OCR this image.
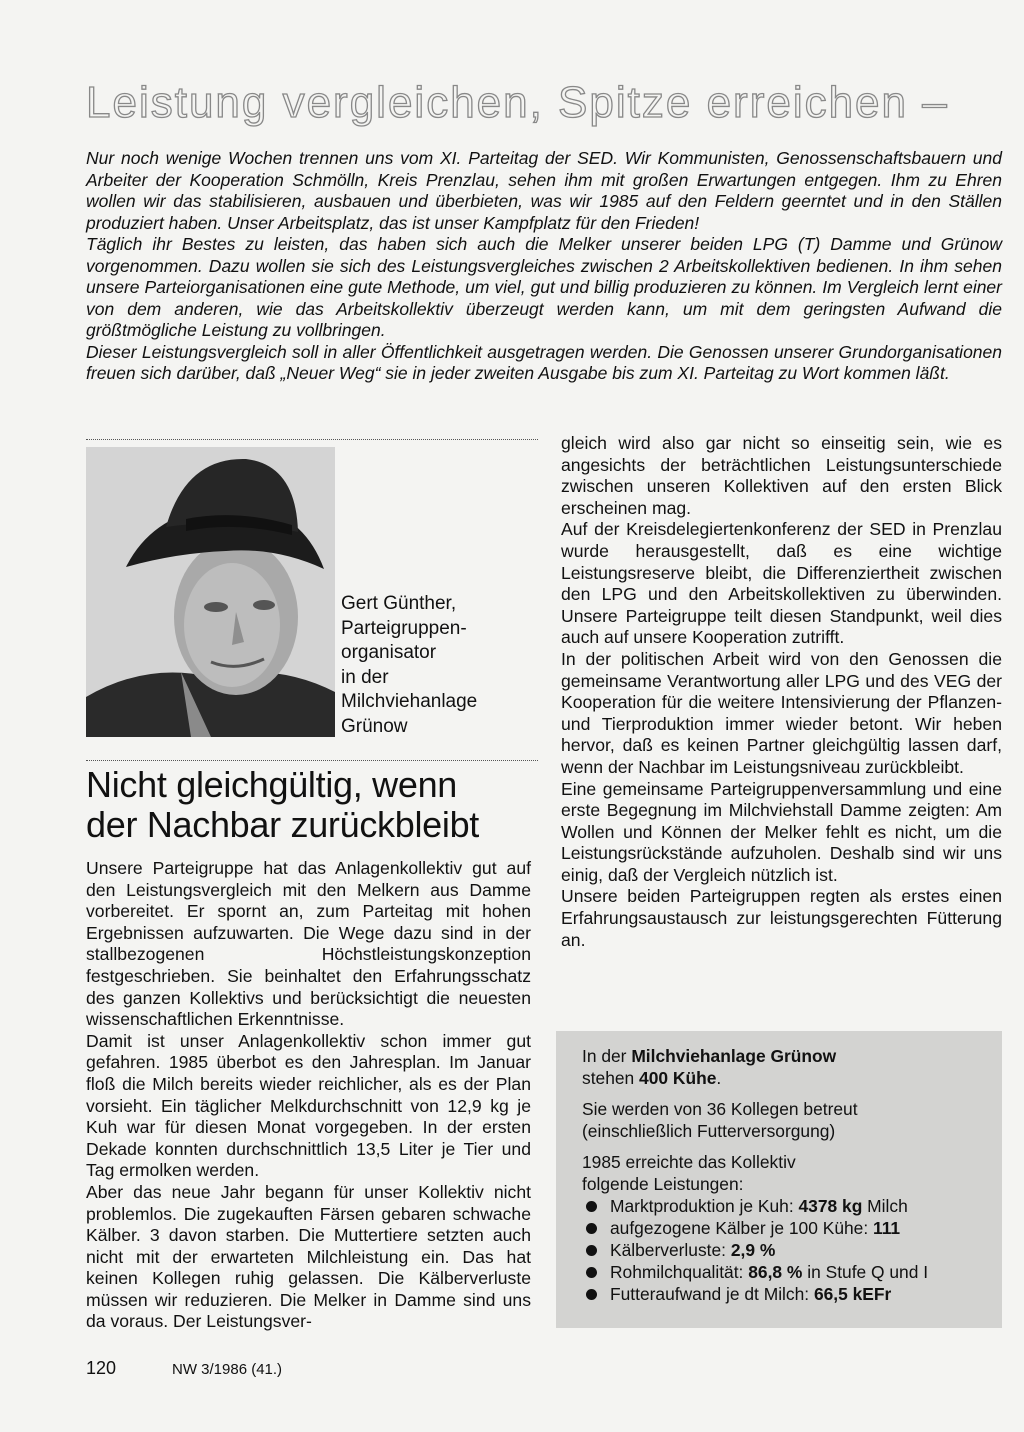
Leistung vergleichen, Spitze erreichen –

Nur noch wenige Wochen trennen uns vom XI. Parteitag der SED. Wir Kommunisten, Genossenschaftsbauern und Arbeiter der Kooperation Schmölln, Kreis Prenzlau, sehen ihm mit großen Erwartungen entgegen. Ihm zu Ehren wollen wir das stabilisieren, ausbauen und überbieten, was wir 1985 auf den Feldern geerntet und in den Ställen produziert haben. Unser Arbeitsplatz, das ist unser Kampfplatz für den Frieden!

Täglich ihr Bestes zu leisten, das haben sich auch die Melker unserer beiden LPG (T) Damme und Grünow vorgenommen. Dazu wollen sie sich des Leistungsvergleiches zwischen 2 Arbeitskollektiven bedienen. In ihm sehen unsere Parteiorganisationen eine gute Methode, um viel, gut und billig produzieren zu können. Im Vergleich lernt einer von dem anderen, wie das Arbeitskollektiv überzeugt werden kann, um mit dem geringsten Aufwand die größtmögliche Leistung zu vollbringen.

Dieser Leistungsvergleich soll in aller Öffentlichkeit ausgetragen werden. Die Genossen unserer Grundorganisationen freuen sich darüber, daß „Neuer Weg“ sie in jeder zweiten Ausgabe bis zum XI. Parteitag zu Wort kommen läßt.

Gert Günther,

Parteigruppen-

organisator

in der

Milchviehanlage

Grünow

Nicht gleichgültig, wenn

der Nachbar zurückbleibt

Unsere Parteigruppe hat das Anlagenkollektiv gut auf den Leistungsvergleich mit den Melkern aus Damme vorbereitet. Er spornt an, zum Parteitag mit hohen Ergebnissen aufzuwarten. Die Wege dazu sind in der stallbezogenen Höchstleistungskonzeption festgeschrieben. Sie beinhaltet den Erfahrungsschatz des ganzen Kollektivs und berücksichtigt die neuesten wissenschaftlichen Erkenntnisse.

Damit ist unser Anlagenkollektiv schon immer gut gefahren. 1985 überbot es den Jahresplan. Im Januar floß die Milch bereits wieder reichlicher, als es der Plan vorsieht. Ein täglicher Melkdurchschnitt von 12,9 kg je Kuh war für diesen Monat vorgegeben. In der ersten Dekade konnten durchschnittlich 13,5 Liter je Tier und Tag ermolken werden.

Aber das neue Jahr begann für unser Kollektiv nicht problemlos. Die zugekauften Färsen gebaren schwache Kälber. 3 davon starben. Die Muttertiere setzten auch nicht mit der erwarteten Milchleistung ein. Das hat keinen Kollegen ruhig gelassen. Die Kälberverluste müssen wir reduzieren. Die Melker in Damme sind uns da voraus. Der Leistungsver-

gleich wird also gar nicht so einseitig sein, wie es angesichts der beträchtlichen Leistungsunterschiede zwischen unseren Kollektiven auf den ersten Blick erscheinen mag.

Auf der Kreisdelegiertenkonferenz der SED in Prenzlau wurde herausgestellt, daß es eine wichtige Leistungsreserve bleibt, die Differenziertheit zwischen den LPG und den Arbeitskollektiven zu überwinden. Unsere Parteigruppe teilt diesen Standpunkt, weil dies auch auf unsere Kooperation zutrifft.

In der politischen Arbeit wird von den Genossen die gemeinsame Verantwortung aller LPG und des VEG der Kooperation für die weitere Intensivierung der Pflanzen- und Tierproduktion immer wieder betont. Wir heben hervor, daß es keinen Partner gleichgültig lassen darf, wenn der Nachbar im Leistungsniveau zurückbleibt.

Eine gemeinsame Parteigruppenversammlung und eine erste Begegnung im Milchviehstall Damme zeigten: Am Wollen und Können der Melker fehlt es nicht, um die Leistungsrückstände aufzuholen. Deshalb sind wir uns einig, daß der Vergleich nützlich ist.

Unsere beiden Parteigruppen regten als erstes einen Erfahrungsaustausch zur leistungsgerechten Fütterung an.

In der Milchviehanlage Grünow

stehen 400 Kühe.

Sie werden von 36 Kollegen betreut

(einschließlich Futterversorgung)

1985 erreichte das Kollektiv

folgende Leistungen:

Marktproduktion je Kuh: 4378 kg Milch
aufgezogene Kälber je 100 Kühe: 111
Kälberverluste: 2,9 %
Rohmilchqualität: 86,8 % in Stufe Q und I
Futteraufwand je dt Milch: 66,5 kEFr
120	NW 3/1986 (41.)
